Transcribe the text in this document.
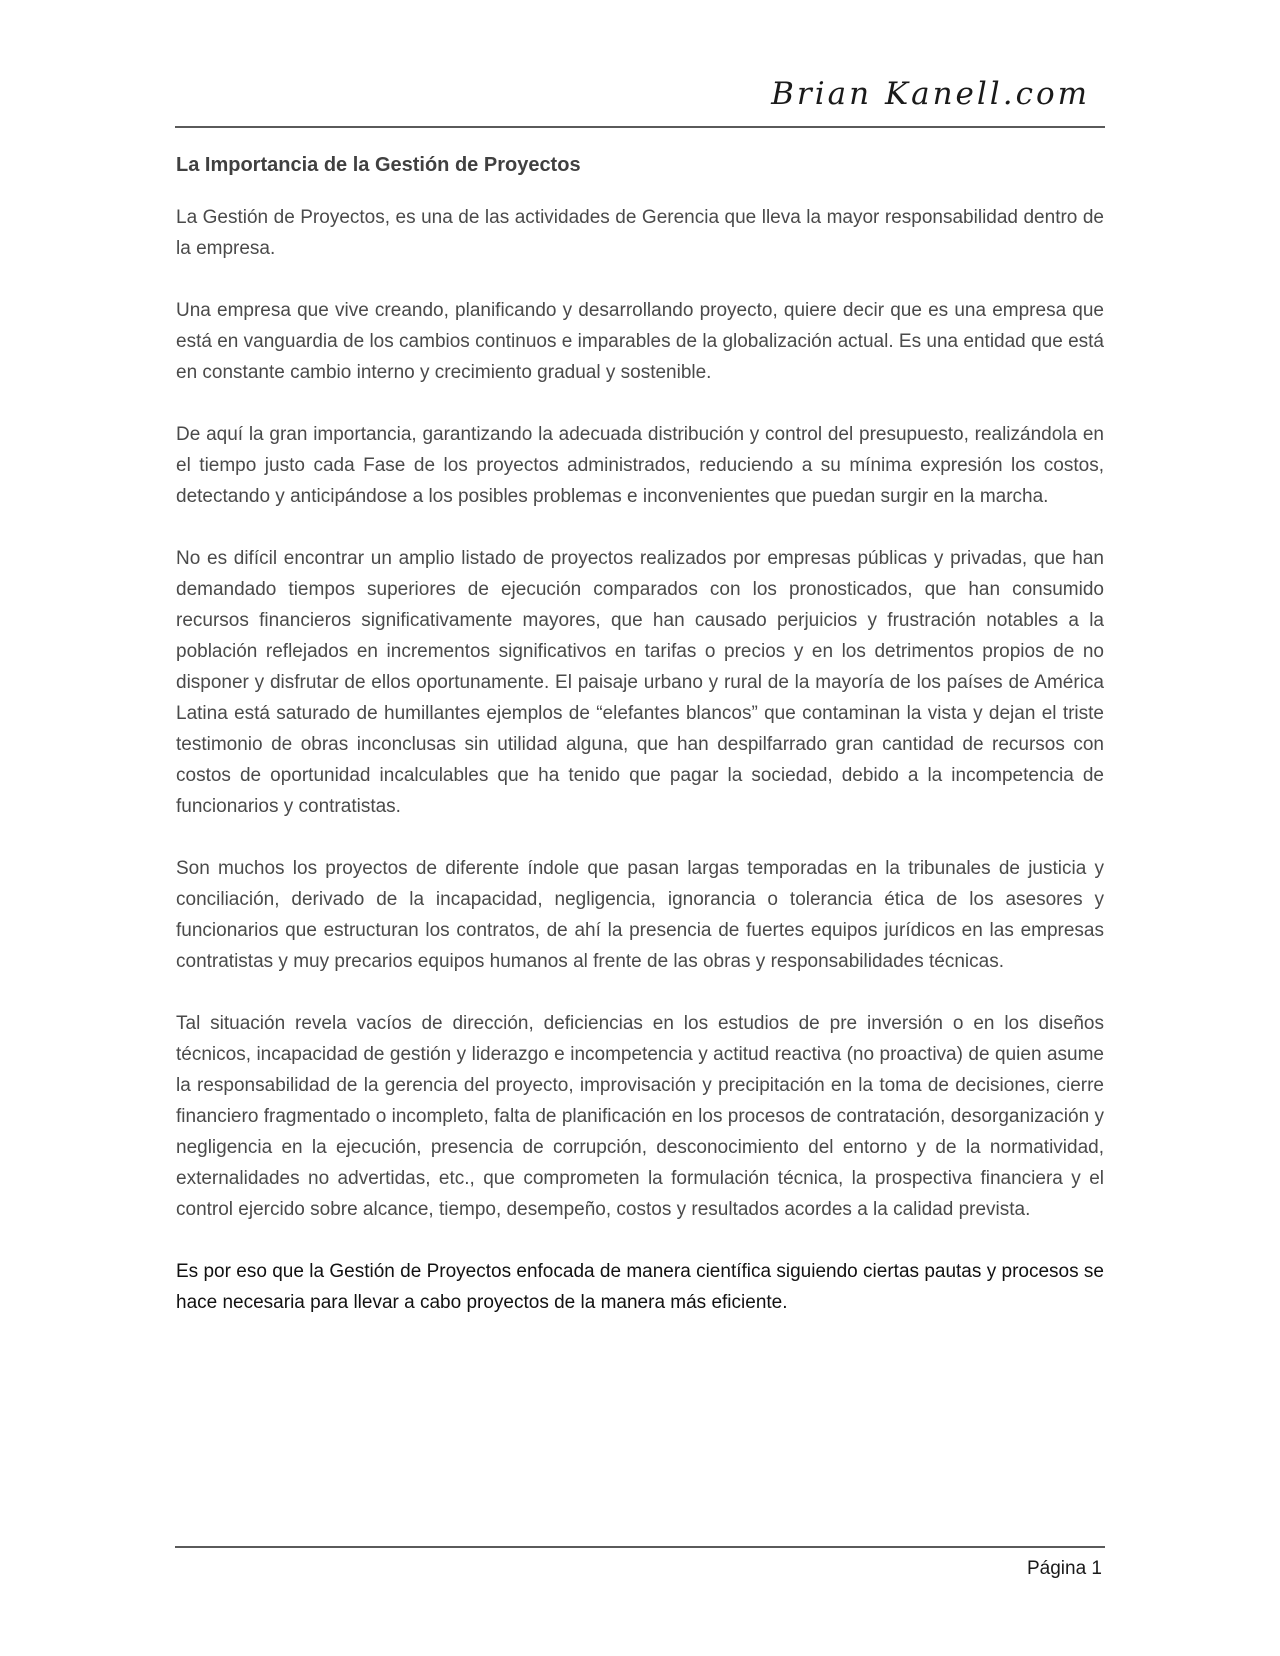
Brian Kanell.com
La Importancia de la Gestión de Proyectos

La Gestión de Proyectos, es una de las actividades de Gerencia que lleva la mayor responsabilidad dentro de la empresa.

Una empresa que vive creando, planificando y desarrollando proyecto, quiere decir que es una empresa que está en vanguardia de los cambios continuos e imparables de la globalización actual. Es una entidad que está en constante cambio interno y crecimiento gradual y sostenible.

De aquí la gran importancia, garantizando la adecuada distribución y control del presupuesto, realizándola en el tiempo justo cada Fase de los proyectos administrados, reduciendo a su mínima expresión los costos, detectando y anticipándose a los posibles problemas e inconvenientes que puedan surgir en la marcha.

No es difícil encontrar un amplio listado de proyectos realizados por empresas públicas y privadas, que han demandado tiempos superiores de ejecución comparados con los pronosticados, que han consumido recursos financieros significativamente mayores, que han causado perjuicios y frustración notables a la población reflejados en incrementos significativos en tarifas o precios y en los detrimentos propios de no disponer y disfrutar de ellos oportunamente. El paisaje urbano y rural de la mayoría de los países de América Latina está saturado de humillantes ejemplos de “elefantes blancos” que contaminan la vista y dejan el triste testimonio de obras inconclusas sin utilidad alguna, que han despilfarrado gran cantidad de recursos con costos de oportunidad incalculables que ha tenido que pagar la sociedad, debido a la incompetencia de funcionarios y contratistas.

Son muchos los proyectos de diferente índole que pasan largas temporadas en la tribunales de justicia y conciliación, derivado de la incapacidad, negligencia, ignorancia o tolerancia ética de los asesores y funcionarios que estructuran los contratos, de ahí la presencia de fuertes equipos jurídicos en las empresas contratistas y muy precarios equipos humanos al frente de las obras y responsabilidades técnicas.

Tal situación revela vacíos de dirección, deficiencias en los estudios de pre inversión o en los diseños técnicos, incapacidad de gestión y liderazgo e incompetencia y actitud reactiva (no proactiva) de quien asume la responsabilidad de la gerencia del proyecto, improvisación y precipitación en la toma de decisiones, cierre financiero fragmentado o incompleto, falta de planificación en los procesos de contratación, desorganización y negligencia en la ejecución, presencia de corrupción, desconocimiento del entorno y de la normatividad, externalidades no advertidas, etc., que comprometen la formulación técnica, la prospectiva financiera y el control ejercido sobre alcance, tiempo, desempeño, costos y resultados acordes a la calidad prevista.

Es por eso que la Gestión de Proyectos enfocada de manera científica siguiendo ciertas pautas y procesos se hace necesaria para llevar a cabo proyectos de la manera más eficiente.

Página 1
